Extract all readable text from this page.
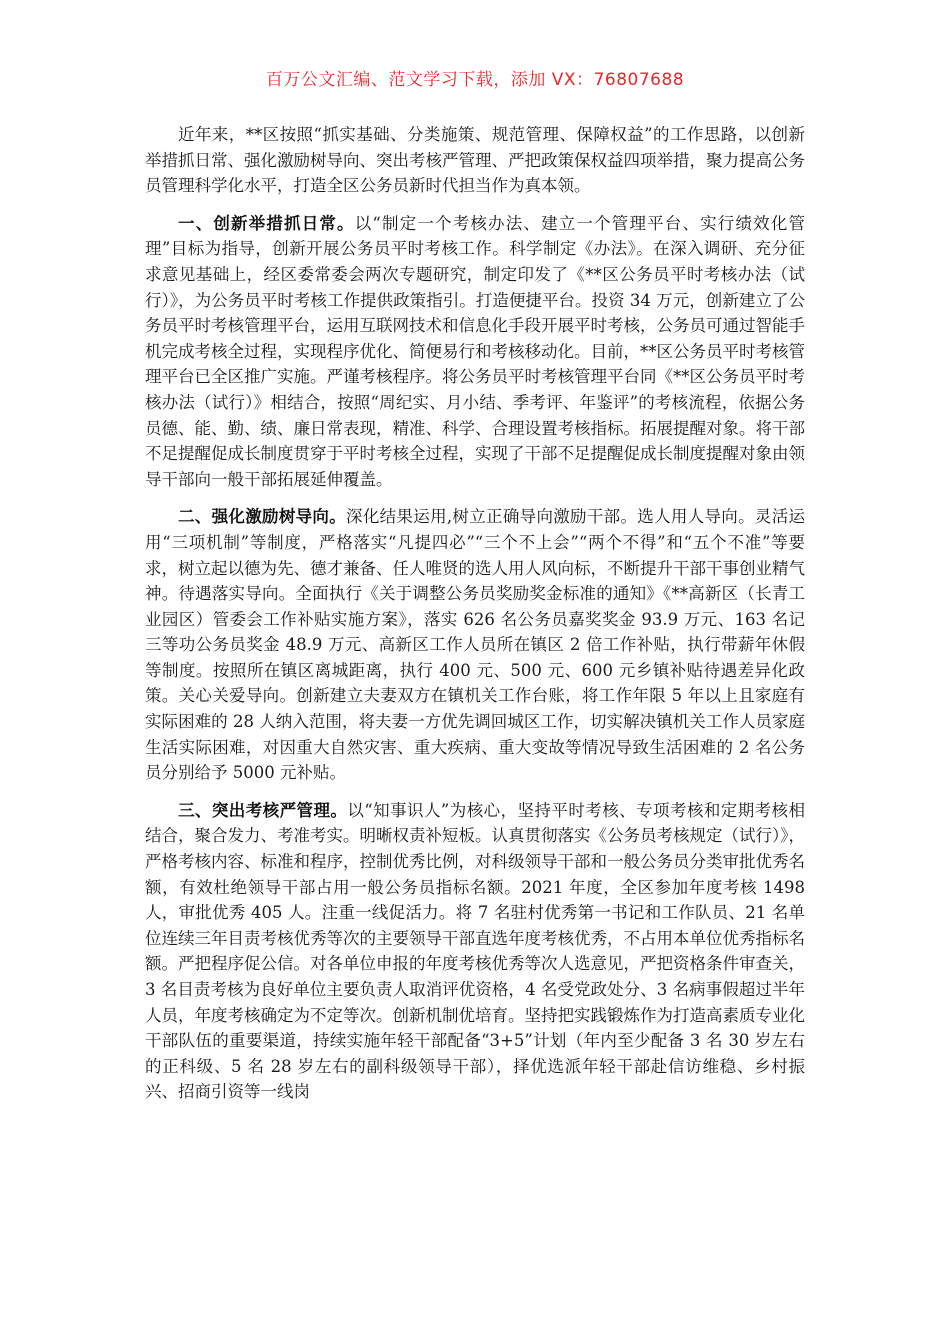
百万公文汇编、范文学习下载，添加 VX：76807688

近年来，**区按照“抓实基础、分类施策、规范管理、保障权益”的工作思路，以创新举措抓日常、强化激励树导向、突出考核严管理、严把政策保权益四项举措，聚力提高公务员管理科学化水平，打造全区公务员新时代担当作为真本领。

一、创新举措抓日常。以“制定一个考核办法、建立一个管理平台、实行绩效化管理”目标为指导，创新开展公务员平时考核工作。科学制定《办法》。在深入调研、充分征求意见基础上，经区委常委会两次专题研究，制定印发了《**区公务员平时考核办法（试行）》，为公务员平时考核工作提供政策指引。打造便捷平台。投资 34 万元，创新建立了公务员平时考核管理平台，运用互联网技术和信息化手段开展平时考核，公务员可通过智能手机完成考核全过程，实现程序优化、简便易行和考核移动化。目前，**区公务员平时考核管理平台已全区推广实施。严谨考核程序。将公务员平时考核管理平台同《**区公务员平时考核办法（试行）》相结合，按照“周纪实、月小结、季考评、年鉴评”的考核流程，依据公务员德、能、勤、绩、廉日常表现，精准、科学、合理设置考核指标。拓展提醒对象。将干部不足提醒促成长制度贯穿于平时考核全过程，实现了干部不足提醒促成长制度提醒对象由领导干部向一般干部拓展延伸覆盖。

二、强化激励树导向。深化结果运用,树立正确导向激励干部。选人用人导向。灵活运用“三项机制”等制度，严格落实“凡提四必”“三个不上会”“两个不得”和“五个不准”等要求，树立起以德为先、德才兼备、任人唯贤的选人用人风向标，不断提升干部干事创业精气神。待遇落实导向。全面执行《关于调整公务员奖励奖金标准的通知》《**高新区（长青工业园区）管委会工作补贴实施方案》，落实 626 名公务员嘉奖奖金 93.9 万元、163 名记三等功公务员奖金 48.9 万元、高新区工作人员所在镇区 2 倍工作补贴，执行带薪年休假等制度。按照所在镇区离城距离，执行 400 元、500 元、600 元乡镇补贴待遇差异化政策。关心关爱导向。创新建立夫妻双方在镇机关工作台账，将工作年限 5 年以上且家庭有实际困难的 28 人纳入范围，将夫妻一方优先调回城区工作，切实解决镇机关工作人员家庭生活实际困难，对因重大自然灾害、重大疾病、重大变故等情况导致生活困难的 2 名公务员分别给予 5000 元补贴。

三、突出考核严管理。以“知事识人”为核心，坚持平时考核、专项考核和定期考核相结合，聚合发力、考准考实。明晰权责补短板。认真贯彻落实《公务员考核规定（试行）》，严格考核内容、标准和程序，控制优秀比例，对科级领导干部和一般公务员分类审批优秀名额，有效杜绝领导干部占用一般公务员指标名额。2021 年度，全区参加年度考核 1498 人，审批优秀 405 人。注重一线促活力。将 7 名驻村优秀第一书记和工作队员、21 名单位连续三年目责考核优秀等次的主要领导干部直选年度考核优秀，不占用本单位优秀指标名额。严把程序促公信。对各单位申报的年度考核优秀等次人选意见，严把资格条件审查关，3 名目责考核为良好单位主要负责人取消评优资格，4 名受党政处分、3 名病事假超过半年人员，年度考核确定为不定等次。创新机制优培育。坚持把实践锻炼作为打造高素质专业化干部队伍的重要渠道，持续实施年轻干部配备“3+5”计划（年内至少配备 3 名 30 岁左右的正科级、5 名 28 岁左右的副科级领导干部），择优选派年轻干部赴信访维稳、乡村振兴、招商引资等一线岗
